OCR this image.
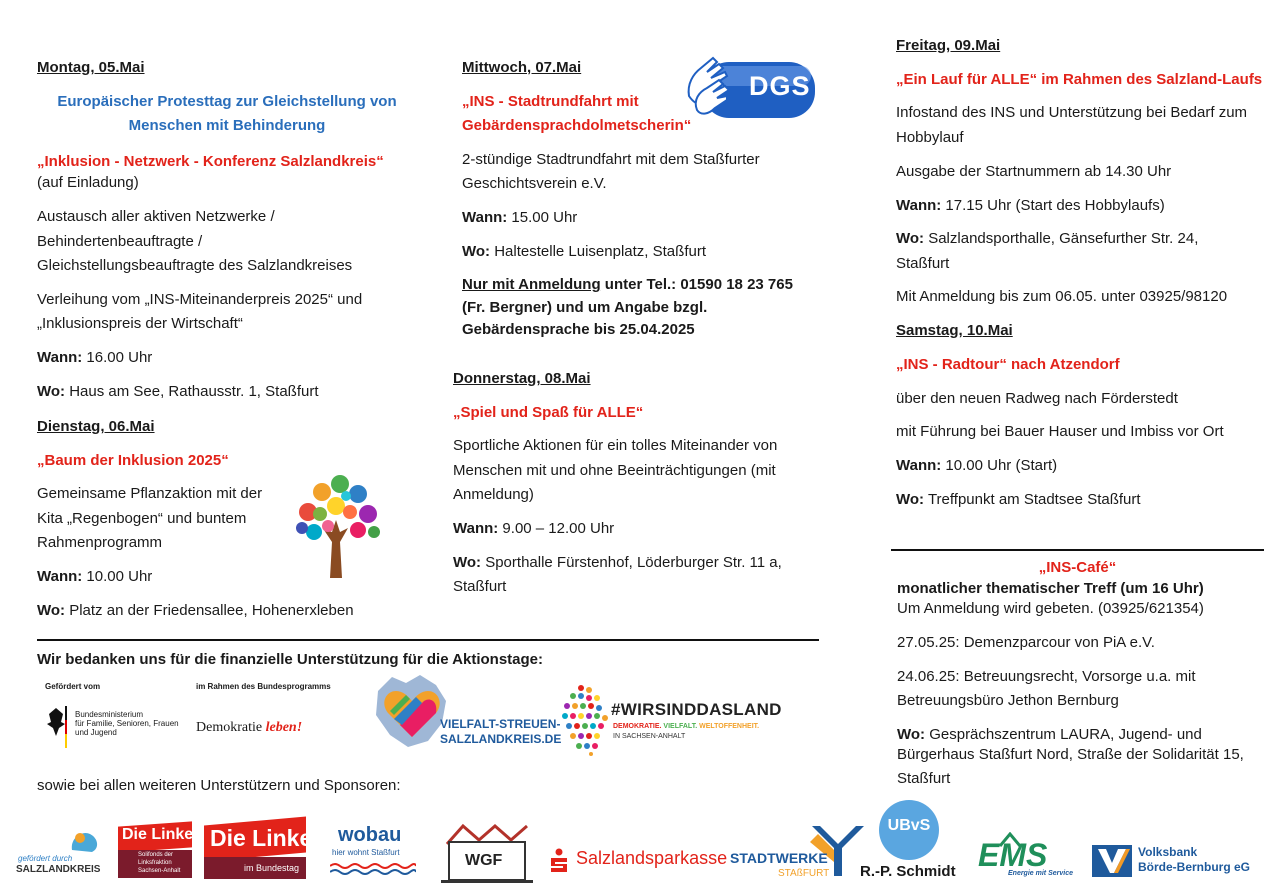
Montag, 05.Mai
Europäischer Protesttag zur Gleichstellung von
Menschen mit Behinderung
„Inklusion - Netzwerk - Konferenz Salzlandkreis“
(auf Einladung)
Austausch aller aktiven Netzwerke /
Behindertenbeauftragte /
Gleichstellungsbeauftragte des Salzlandkreises
Verleihung vom „INS-Miteinanderpreis 2025“ und
„Inklusionspreis der Wirtschaft“
Wann: 16.00 Uhr
Wo: Haus am See, Rathausstr. 1, Staßfurt
Dienstag, 06.Mai
„Baum der Inklusion 2025“
Gemeinsame Pflanzaktion mit der
Kita „Regenbogen“ und buntem
Rahmenprogramm
Wann: 10.00 Uhr
Wo: Platz an der Friedensallee, Hohenerxleben
Mittwoch, 07.Mai
„INS - Stadtrundfahrt mit
Gebärdensprachdolmetscherin“
2-stündige Stadtrundfahrt mit dem Staßfurter
Geschichtsverein e.V.
Wann: 15.00 Uhr
Wo: Haltestelle Luisenplatz, Staßfurt
Nur mit Anmeldung unter Tel.: 01590 18 23 765
(Fr. Bergner) und um Angabe bzgl.
Gebärdensprache bis 25.04.2025
DGS
Donnerstag, 08.Mai
„Spiel und Spaß für ALLE“
Sportliche Aktionen für ein tolles Miteinander von
Menschen mit und ohne Beeinträchtigungen (mit
Anmeldung)
Wann: 9.00 – 12.00 Uhr
Wo: Sporthalle Fürstenhof, Löderburger Str. 11 a,
Staßfurt
Freitag, 09.Mai
„Ein Lauf für ALLE“ im Rahmen des Salzland-Laufs
Infostand des INS und Unterstützung bei Bedarf zum
Hobbylauf
Ausgabe der Startnummern ab 14.30 Uhr
Wann: 17.15 Uhr (Start des Hobbylaufs)
Wo: Salzlandsporthalle, Gänsefurther Str. 24,
Staßfurt
Mit Anmeldung bis zum 06.05. unter 03925/98120
Samstag, 10.Mai
„INS - Radtour“ nach Atzendorf
über den neuen Radweg nach Förderstedt
mit Führung bei Bauer Hauser und Imbiss vor Ort
Wann: 10.00 Uhr (Start)
Wo: Treffpunkt am Stadtsee Staßfurt
„INS-Café“
monatlicher thematischer Treff (um 16 Uhr)
Um Anmeldung wird gebeten. (03925/621354)
27.05.25: Demenzparcour von PiA e.V.
24.06.25: Betreuungsrecht, Vorsorge u.a. mit
Betreuungsbüro Jethon Bernburg
Wo: Gesprächszentrum LAURA, Jugend- und
Bürgerhaus Staßfurt Nord, Straße der Solidarität 15,
Staßfurt
Wir bedanken uns für die finanzielle Unterstützung für die Aktionstage:
Gefördert vom
Bundesministerium
für Familie, Senioren, Frauen
und Jugend
im Rahmen des Bundesprogramms
Demokratie leben!	VIELFALT-STREUEN-
SALZLANDKREIS.DE
#WIRSINDDASLAND
DEMOKRATIE. VIELFALT. WELTOFFENHEIT.
IN SACHSEN-ANHALT
sowie bei allen weiteren Unterstützern und Sponsoren:
gefördert durch
SALZLANDKREIS
Die Linke
Solifonds der
Linksfraktion
Sachsen-Anhalt
Die Linke
im Bundestag
wobau
hier wohnt Staßfurt	WGF	Salzlandsparkasse STADTWERKE
STAßFURT
UBvS
R.-P. Schmidt EMS
Energie mit Service
Volksbank
Börde-Bernburg eG
